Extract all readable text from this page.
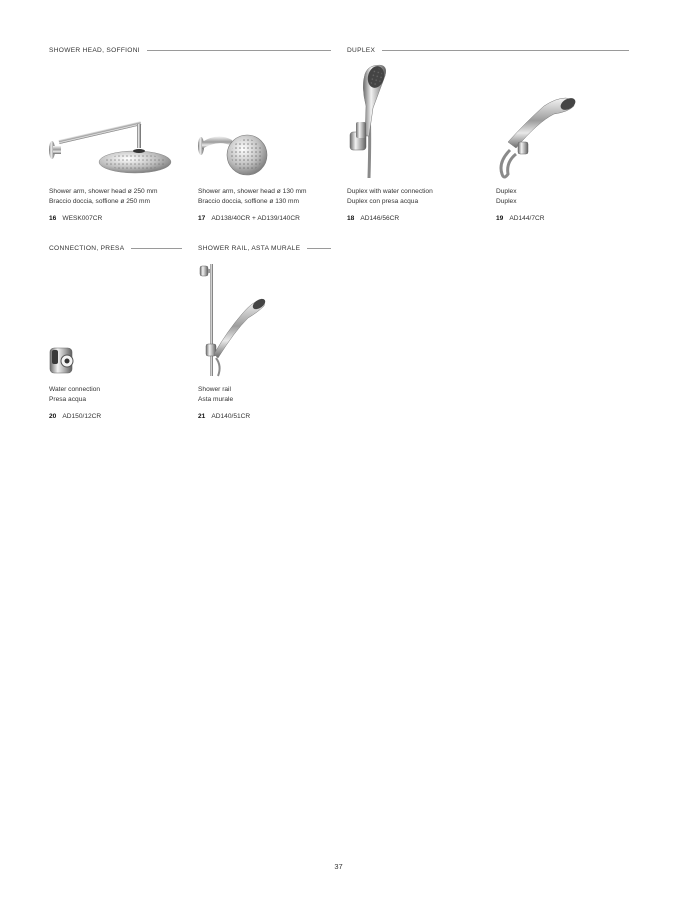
SHOWER HEAD, SOFFIONI	DUPLEX
CONNECTION, PRESA	SHOWER RAIL, ASTA MURALE
Shower arm, shower head ø 250 mm
Braccio doccia, soffione ø 250 mm
16 WESK007CR
Shower arm, shower head ø 130 mm
Braccio doccia, soffione ø 130 mm
17 AD138/40CR + AD139/140CR
Duplex with water connection
Duplex con presa acqua
18 AD146/56CR
Duplex
Duplex
19 AD144/7CR
Water connection
Presa acqua
20 AD150/12CR
Shower rail
Asta murale
21 AD140/51CR
37
